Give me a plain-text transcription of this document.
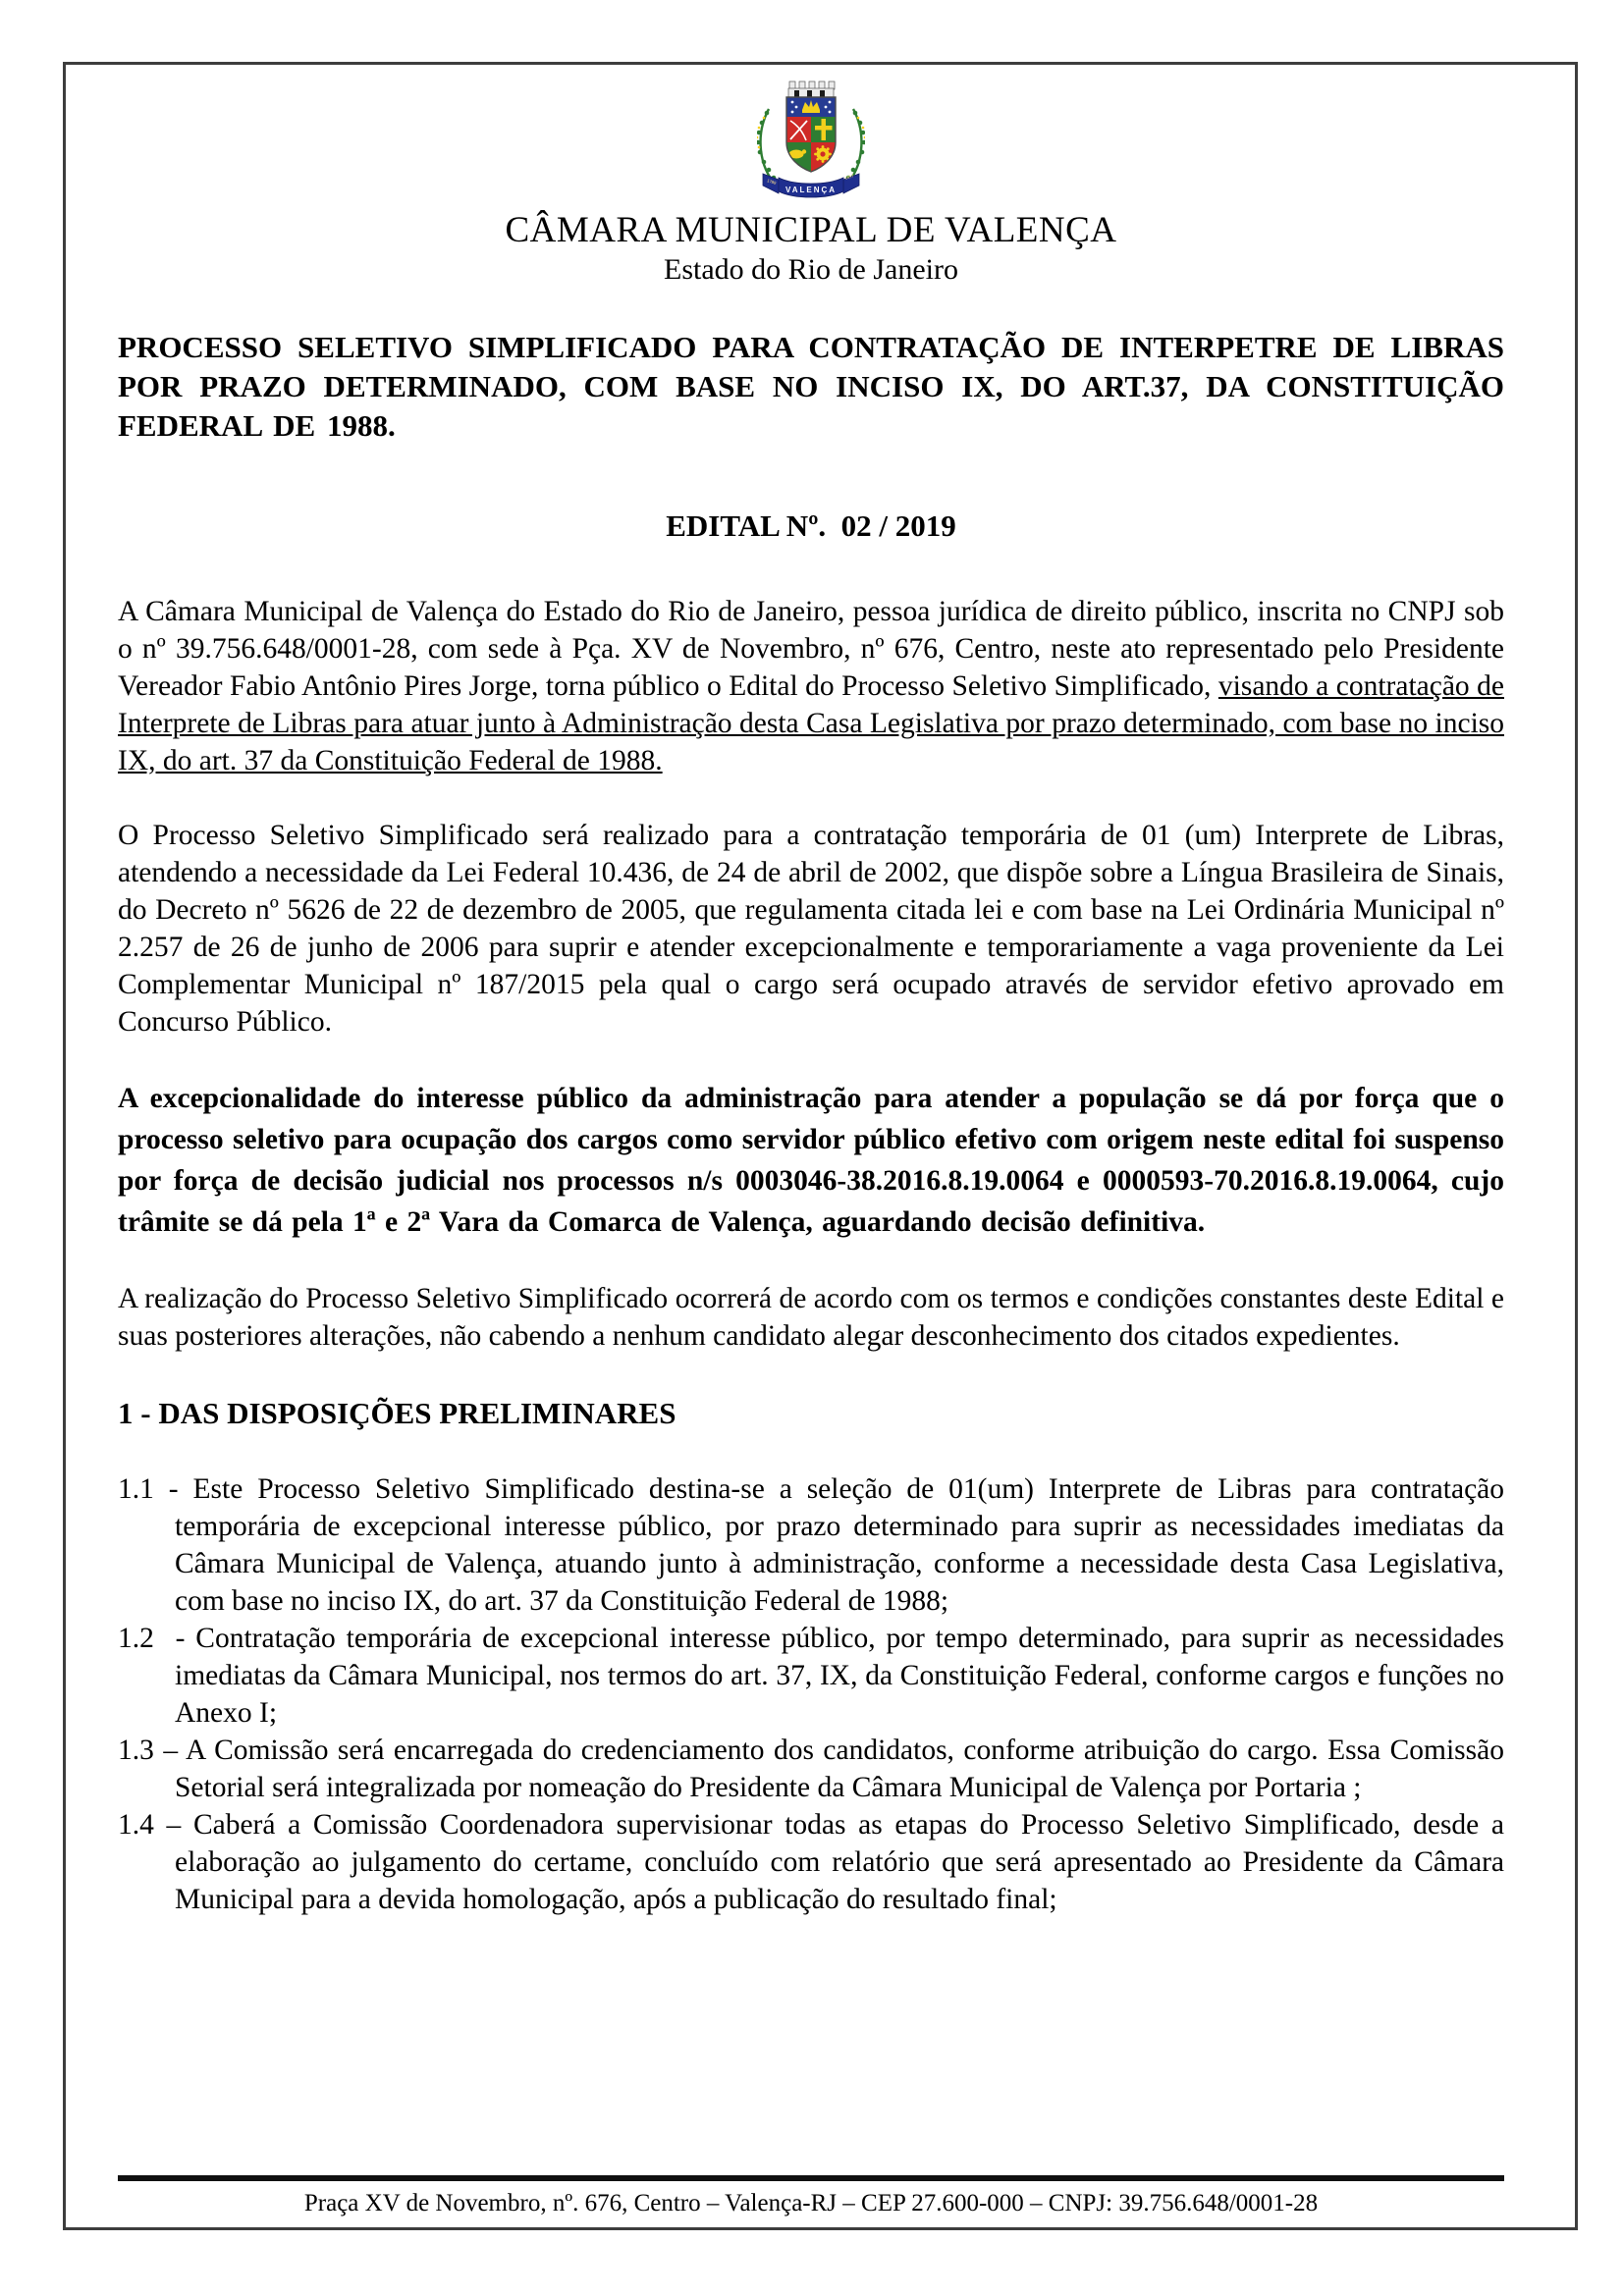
1789
VALENÇA
1857
CÂMARA MUNICIPAL DE VALENÇA
Estado do Rio de Janeiro

PROCESSO SELETIVO SIMPLIFICADO PARA CONTRATAÇÃO DE INTERPETRE DE LIBRAS POR PRAZO DETERMINADO, COM BASE NO INCISO IX, DO ART.37, DA CONSTITUIÇÃO FEDERAL DE 1988.

EDITAL Nº.  02 / 2019

A Câmara Municipal de Valença do Estado do Rio de Janeiro, pessoa jurídica de direito público, inscrita no CNPJ sob o nº 39.756.648/0001-28, com sede à Pça. XV de Novembro, nº 676, Centro, neste ato representado pelo Presidente Vereador Fabio Antônio Pires Jorge, torna público o Edital do Processo Seletivo Simplificado, visando a contratação de Interprete de Libras para atuar junto à Administração desta Casa Legislativa por prazo determinado, com base no inciso IX, do art. 37 da Constituição Federal de 1988.

O Processo Seletivo Simplificado será realizado para a contratação temporária de 01 (um) Interprete de Libras, atendendo a necessidade da Lei Federal 10.436, de 24 de abril de 2002, que dispõe sobre a Língua Brasileira de Sinais, do Decreto nº 5626 de 22 de dezembro de 2005, que regulamenta citada lei e com base na Lei Ordinária Municipal nº 2.257 de 26 de junho de 2006 para suprir e atender excepcionalmente e temporariamente a vaga proveniente da Lei Complementar Municipal nº 187/2015 pela qual o cargo será ocupado através de servidor efetivo aprovado em Concurso Público.

A excepcionalidade do interesse público da administração para atender a população se dá por força que o processo seletivo para ocupação dos cargos como servidor público efetivo com origem neste edital foi suspenso por força de decisão judicial nos processos n/s 0003046-38.2016.8.19.0064 e 0000593-70.2016.8.19.0064, cujo trâmite se dá pela 1ª e 2ª Vara da Comarca de Valença, aguardando decisão definitiva.

A realização do Processo Seletivo Simplificado ocorrerá de acordo com os termos e condições constantes deste Edital e suas posteriores alterações, não cabendo a nenhum candidato alegar desconhecimento dos citados expedientes.

1 - DAS DISPOSIÇÕES PRELIMINARES
1.1 - Este Processo Seletivo Simplificado destina-se a seleção de 01(um) Interprete de Libras para contratação temporária de excepcional interesse público, por prazo determinado para suprir as necessidades imediatas da Câmara Municipal de Valença, atuando junto à administração, conforme a necessidade desta Casa Legislativa, com base no inciso IX, do art. 37 da Constituição Federal de 1988;
1.2  - Contratação temporária de excepcional interesse público, por tempo determinado, para suprir as necessidades imediatas da Câmara Municipal, nos termos do art. 37, IX, da Constituição Federal, conforme cargos e funções no Anexo I;
1.3 – A Comissão será encarregada do credenciamento dos candidatos, conforme atribuição do cargo. Essa Comissão Setorial será integralizada por nomeação do Presidente da Câmara Municipal de Valença por Portaria ;
1.4 – Caberá a Comissão Coordenadora supervisionar todas as etapas do Processo Seletivo Simplificado, desde a elaboração ao julgamento do certame, concluído com relatório que será apresentado ao Presidente da Câmara Municipal para a devida homologação, após a publicação do resultado final;
Praça XV de Novembro, nº. 676, Centro – Valença-RJ – CEP 27.600-000 – CNPJ: 39.756.648/0001-28
